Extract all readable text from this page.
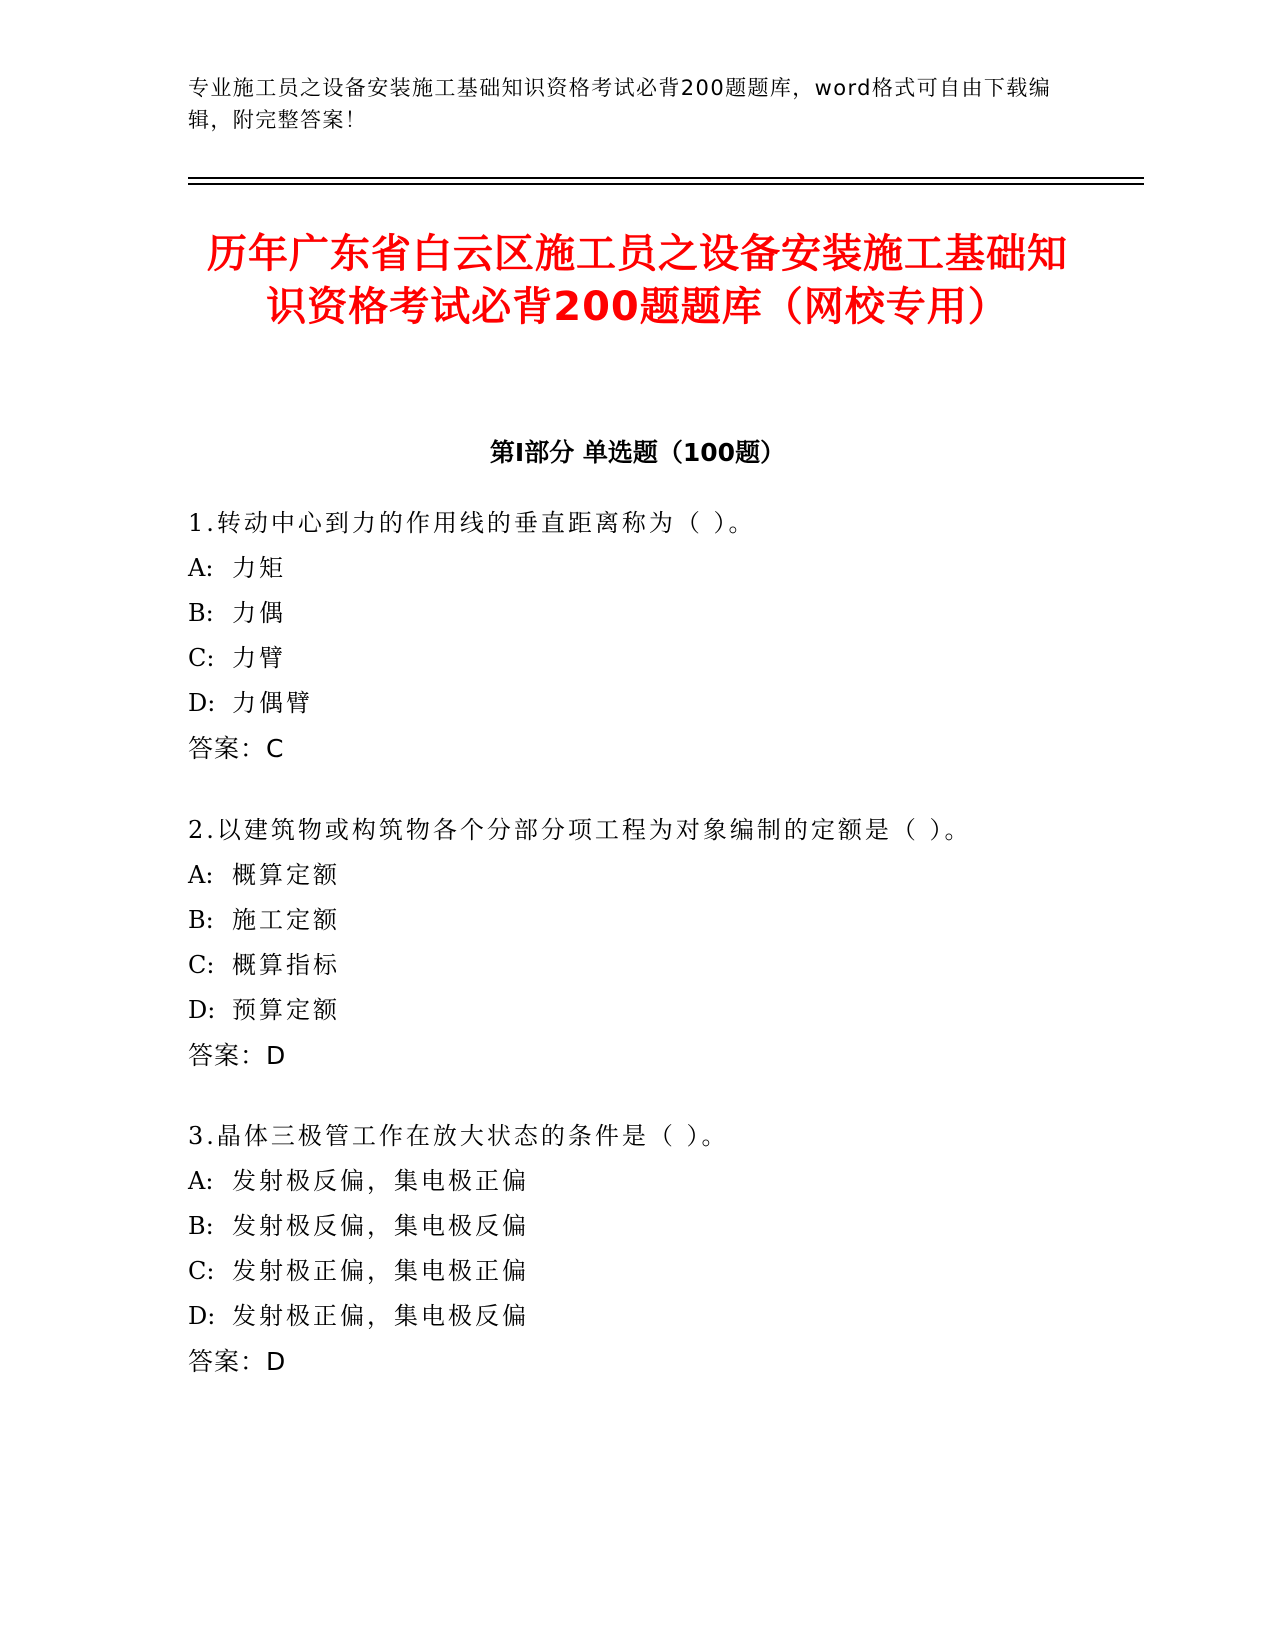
专业施工员之设备安装施工基础知识资格考试必背200题题库，word格式可自由下载编辑，附完整答案！
历年广东省白云区施工员之设备安装施工基础知识资格考试必背200题题库（网校专用）
第Ⅰ部分 单选题（100题）
1.转动中心到力的作用线的垂直距离称为（ ）。
A: 力矩
B: 力偶
C: 力臂
D: 力偶臂
答案：C
2.以建筑物或构筑物各个分部分项工程为对象编制的定额是（ ）。
A: 概算定额
B: 施工定额
C: 概算指标
D: 预算定额
答案：D
3.晶体三极管工作在放大状态的条件是（ ）。
A: 发射极反偏，集电极正偏
B: 发射极反偏，集电极反偏
C: 发射极正偏，集电极正偏
D: 发射极正偏，集电极反偏
答案：D
